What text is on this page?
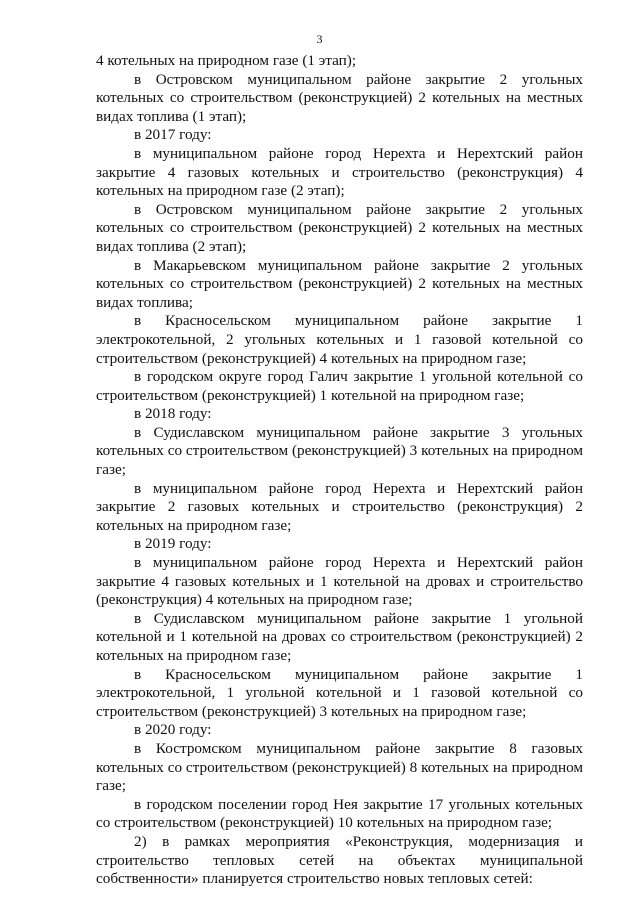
3

4 котельных на природном газе (1 этап);

в Островском муниципальном районе закрытие 2 угольных котельных со строительством (реконструкцией) 2 котельных на местных видах топлива (1 этап);

в 2017 году:

в муниципальном районе город Нерехта и Нерехтский район закрытие 4 газовых котельных и строительство (реконструкция) 4 котельных на природном газе (2 этап);

в Островском муниципальном районе закрытие 2 угольных котельных со строительством (реконструкцией) 2 котельных на местных видах топлива (2 этап);

в Макарьевском муниципальном районе закрытие 2 угольных котельных со строительством (реконструкцией) 2 котельных на местных видах топлива;

в Красносельском муниципальном районе закрытие 1 электрокотельной, 2 угольных котельных и 1 газовой котельной со строительством (реконструкцией) 4 котельных на природном газе;

в городском округе город Галич закрытие 1 угольной котельной со строительством (реконструкцией) 1 котельной на природном газе;

в 2018 году:

в Судиславском муниципальном районе закрытие 3 угольных котельных со строительством (реконструкцией) 3 котельных на природном газе;

в муниципальном районе город Нерехта и Нерехтский район закрытие 2 газовых котельных и строительство (реконструкция) 2 котельных на природном газе;

в 2019 году:

в муниципальном районе город Нерехта и Нерехтский район закрытие 4 газовых котельных и 1 котельной на дровах и строительство (реконструкция) 4 котельных на природном газе;

в Судиславском муниципальном районе закрытие 1 угольной котельной и 1 котельной на дровах со строительством (реконструкцией) 2 котельных на природном газе;

в Красносельском муниципальном районе закрытие 1 электрокотельной, 1 угольной котельной и 1 газовой котельной со строительством (реконструкцией) 3 котельных на природном газе;

в 2020 году:

в Костромском муниципальном районе закрытие 8 газовых котельных со строительством (реконструкцией) 8 котельных на природном газе;

в городском поселении город Нея закрытие 17 угольных котельных со строительством (реконструкцией) 10 котельных на природном газе;

2) в рамках мероприятия «Реконструкция, модернизация и строительство тепловых сетей на объектах муниципальной собственности» планируется строительство новых тепловых сетей:
